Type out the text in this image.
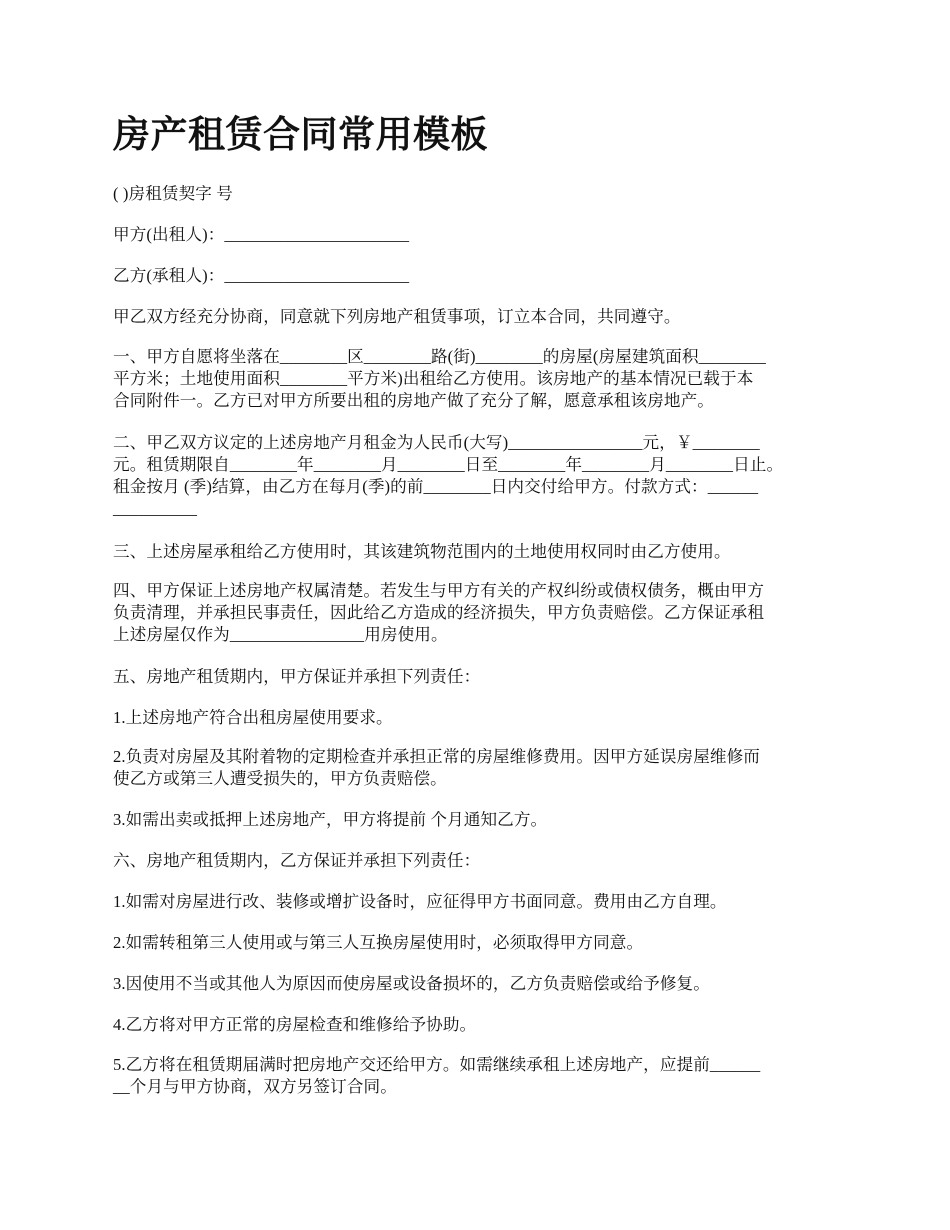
房产租赁合同常用模板

( )房租赁契字 号

甲方(出租人)：______________________

乙方(承租人)：______________________

甲乙双方经充分协商，同意就下列房地产租赁事项，订立本合同，共同遵守。

一、甲方自愿将坐落在________区________路(街)________的房屋(房屋建筑面积________
平方米；土地使用面积________平方米)出租给乙方使用。该房地产的基本情况已载于本
合同附件一。乙方已对甲方所要出租的房地产做了充分了解，愿意承租该房地产。

二、甲乙双方议定的上述房地产月租金为人民币(大写)________________元，￥________
元。租赁期限自________年________月________日至________年________月________日止。
租金按月 (季)结算，由乙方在每月(季)的前________日内交付给甲方。付款方式：______
__________

三、上述房屋承租给乙方使用时，其该建筑物范围内的土地使用权同时由乙方使用。

四、甲方保证上述房地产权属清楚。若发生与甲方有关的产权纠纷或债权债务，概由甲方
负责清理，并承担民事责任，因此给乙方造成的经济损失，甲方负责赔偿。乙方保证承租
上述房屋仅作为________________用房使用。

五、房地产租赁期内，甲方保证并承担下列责任：

1.上述房地产符合出租房屋使用要求。

2.负责对房屋及其附着物的定期检查并承担正常的房屋维修费用。因甲方延误房屋维修而
使乙方或第三人遭受损失的，甲方负责赔偿。

3.如需出卖或抵押上述房地产，甲方将提前 个月通知乙方。

六、房地产租赁期内，乙方保证并承担下列责任：

1.如需对房屋进行改、装修或增扩设备时，应征得甲方书面同意。费用由乙方自理。

2.如需转租第三人使用或与第三人互换房屋使用时，必须取得甲方同意。

3.因使用不当或其他人为原因而使房屋或设备损坏的，乙方负责赔偿或给予修复。

4.乙方将对甲方正常的房屋检查和维修给予协助。

5.乙方将在租赁期届满时把房地产交还给甲方。如需继续承租上述房地产，应提前______
__个月与甲方协商，双方另签订合同。
